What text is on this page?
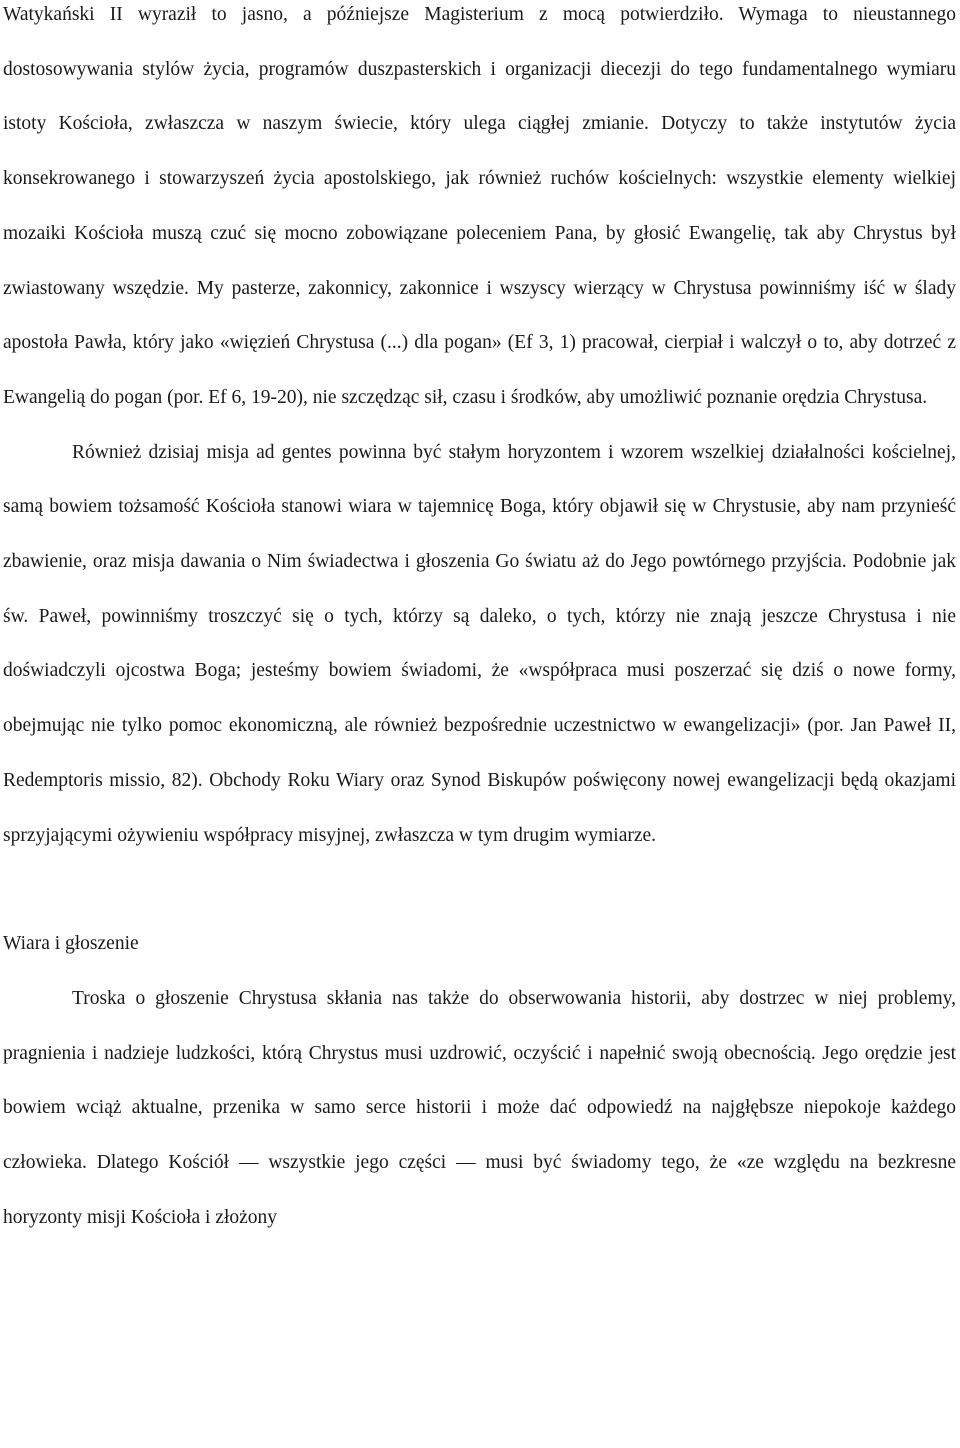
Watykański II wyraził to jasno, a późniejsze Magisterium z mocą potwierdziło. Wymaga to nieustannego dostosowywania stylów życia, programów duszpasterskich i organizacji diecezji do tego fundamentalnego wymiaru istoty Kościoła, zwłaszcza w naszym świecie, który ulega ciągłej zmianie. Dotyczy to także instytutów życia konsekrowanego i stowarzyszeń życia apostolskiego, jak również ruchów kościelnych: wszystkie elementy wielkiej mozaiki Kościoła muszą czuć się mocno zobowiązane poleceniem Pana, by głosić Ewangelię, tak aby Chrystus był zwiastowany wszędzie. My pasterze, zakonnicy, zakonnice i wszyscy wierzący w Chrystusa powinniśmy iść w ślady apostoła Pawła, który jako «więzień Chrystusa (...) dla pogan» (Ef 3, 1) pracował, cierpiał i walczył o to, aby dotrzeć z Ewangelią do pogan (por. Ef 6, 19-20), nie szczędząc sił, czasu i środków, aby umożliwić poznanie orędzia Chrystusa.

Również dzisiaj misja ad gentes powinna być stałym horyzontem i wzorem wszelkiej działalności kościelnej, samą bowiem tożsamość Kościoła stanowi wiara w tajemnicę Boga, który objawił się w Chrystusie, aby nam przynieść zbawienie, oraz misja dawania o Nim świadectwa i głoszenia Go światu aż do Jego powtórnego przyjścia. Podobnie jak św. Paweł, powinniśmy troszczyć się o tych, którzy są daleko, o tych, którzy nie znają jeszcze Chrystusa i nie doświadczyli ojcostwa Boga; jesteśmy bowiem świadomi, że «współpraca musi poszerzać się dziś o nowe formy, obejmując nie tylko pomoc ekonomiczną, ale również bezpośrednie uczestnictwo w ewangelizacji» (por. Jan Paweł II, Redemptoris missio, 82). Obchody Roku Wiary oraz Synod Biskupów poświęcony nowej ewangelizacji będą okazjami sprzyjającymi ożywieniu współpracy misyjnej, zwłaszcza w tym drugim wymiarze.

Wiara i głoszenie

Troska o głoszenie Chrystusa skłania nas także do obserwowania historii, aby dostrzec w niej problemy, pragnienia i nadzieje ludzkości, którą Chrystus musi uzdrowić, oczyścić i napełnić swoją obecnością. Jego orędzie jest bowiem wciąż aktualne, przenika w samo serce historii i może dać odpowiedź na najgłębsze niepokoje każdego człowieka. Dlatego Kościół — wszystkie jego części — musi być świadomy tego, że «ze względu na bezkresne horyzonty misji Kościoła i złożony
